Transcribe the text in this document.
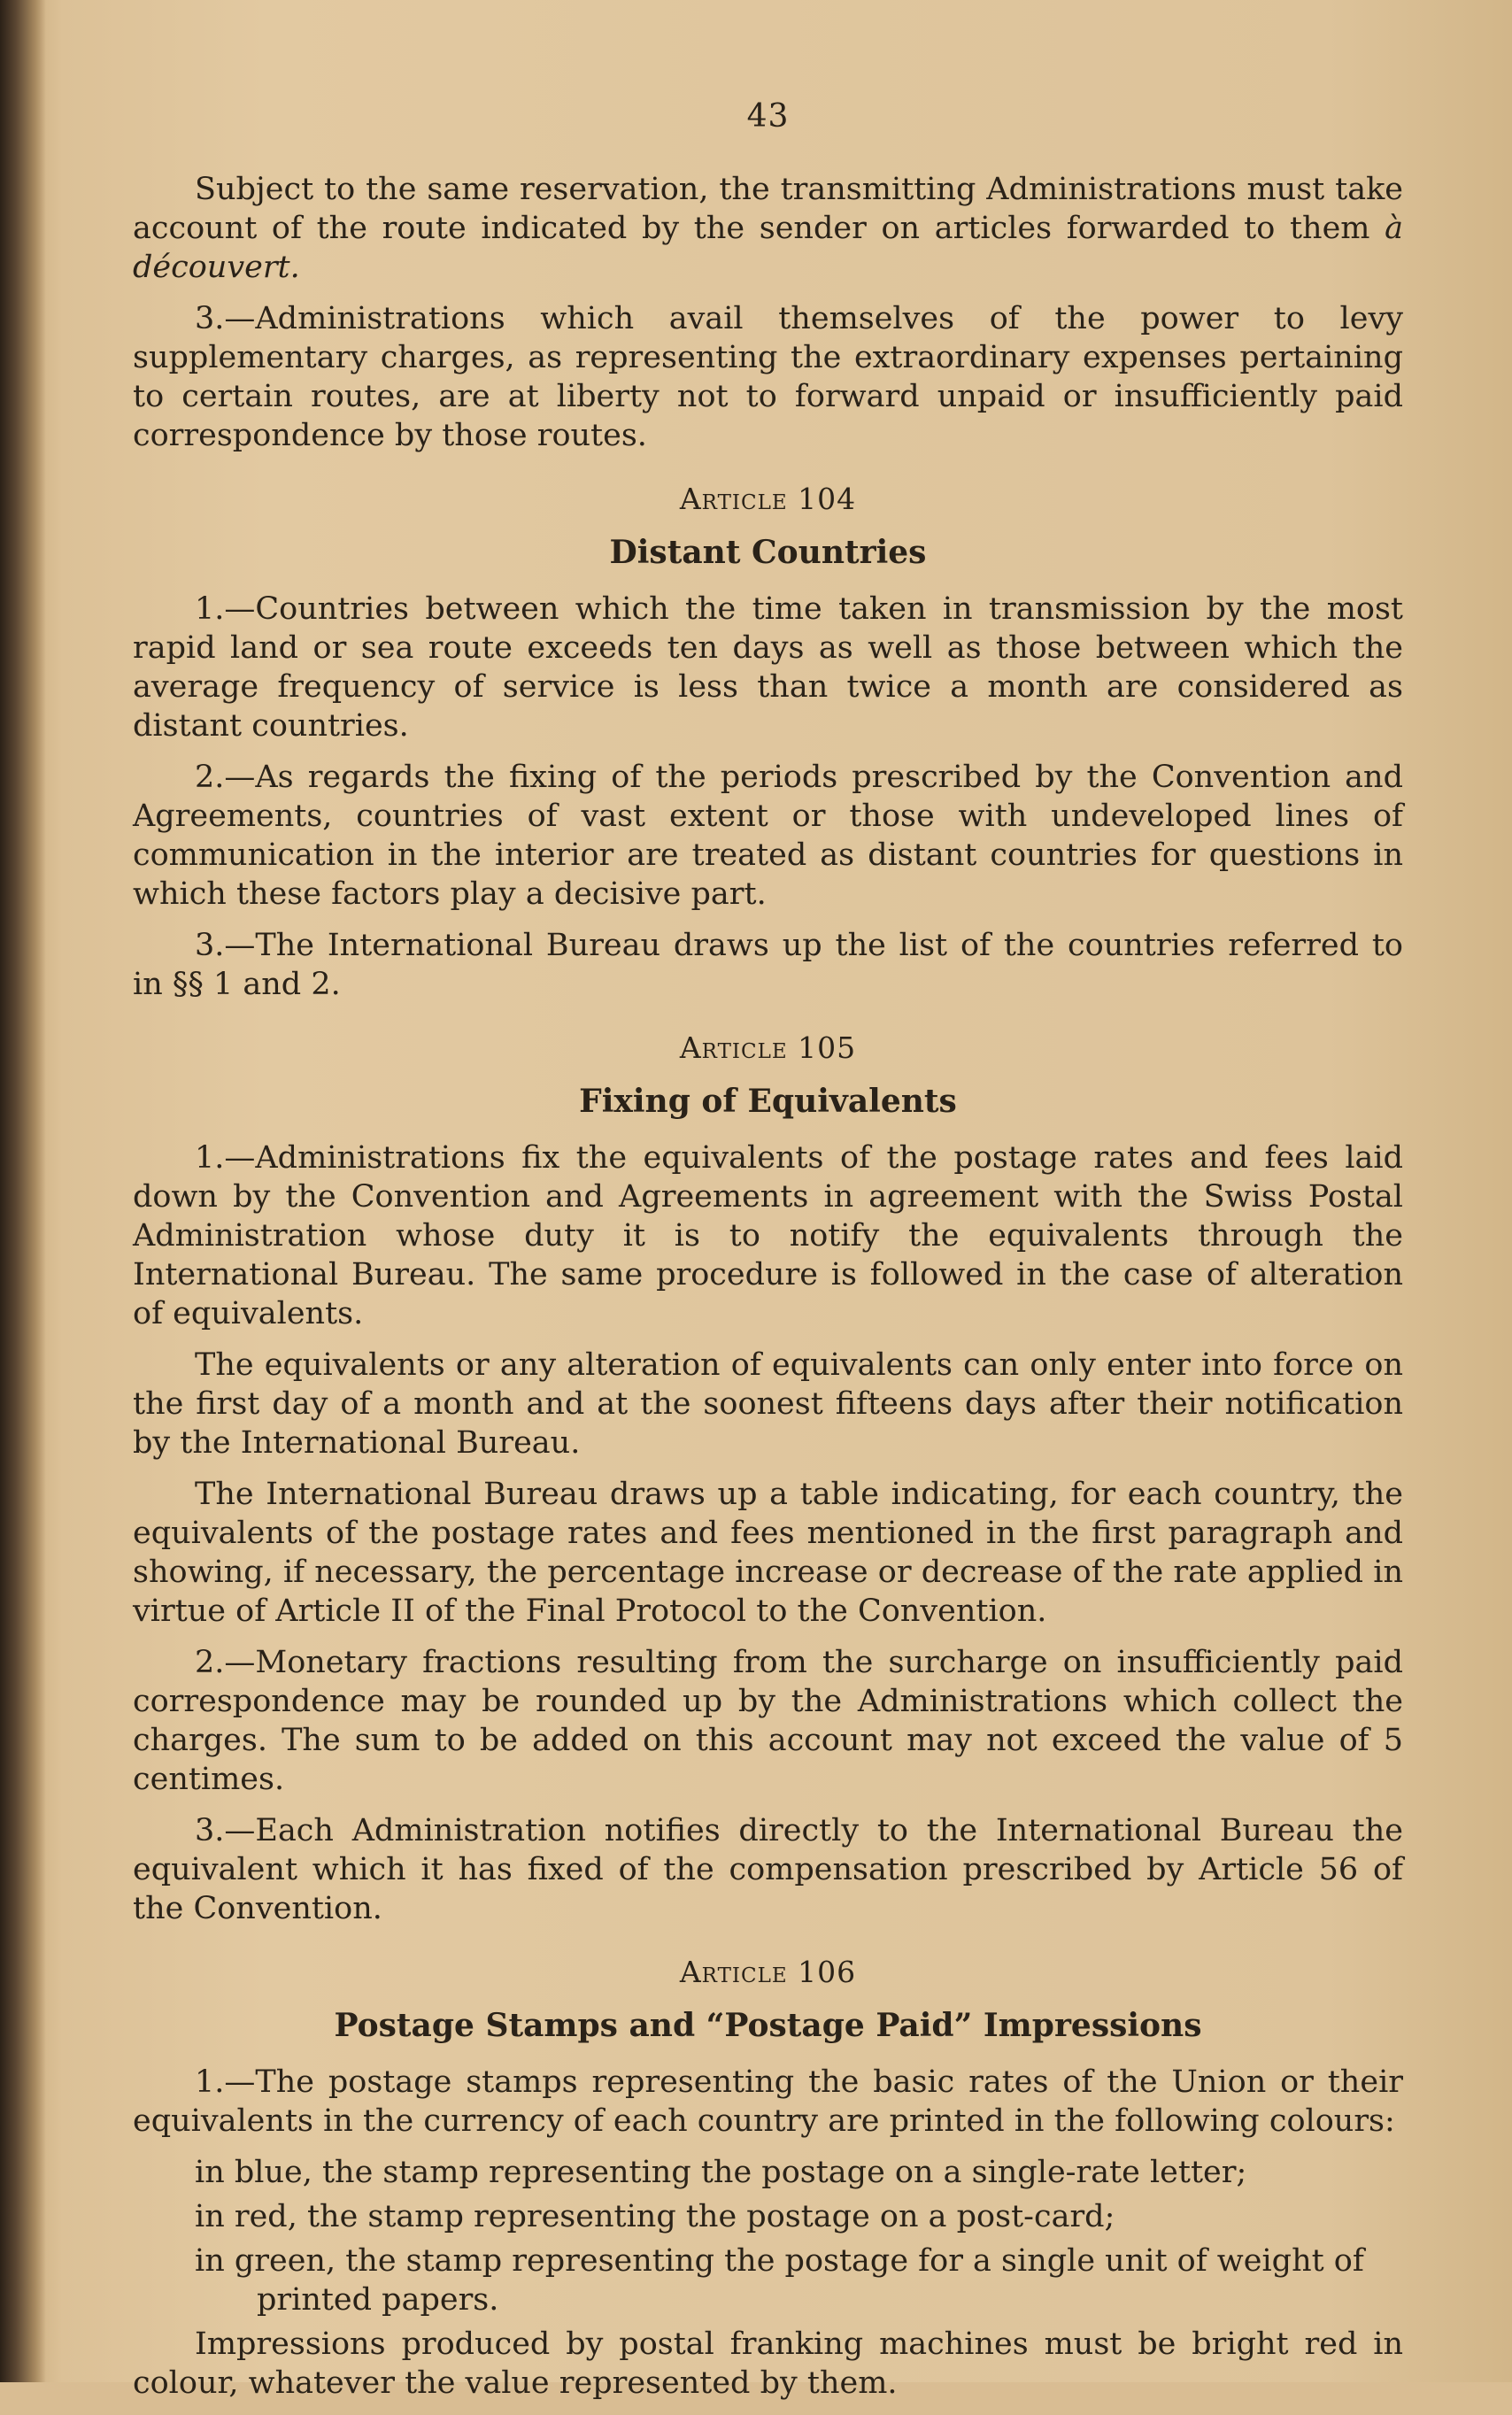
43

Subject to the same reservation, the transmitting Administrations must take account of the route indicated by the sender on articles forwarded to them à découvert.

3.—Administrations which avail themselves of the power to levy supplementary charges, as representing the extraordinary expenses pertaining to certain routes, are at liberty not to forward unpaid or insufficiently paid correspondence by those routes.

Article 104
Distant Countries

1.—Countries between which the time taken in transmission by the most rapid land or sea route exceeds ten days as well as those between which the average frequency of service is less than twice a month are considered as distant countries.

2.—As regards the fixing of the periods prescribed by the Convention and Agreements, countries of vast extent or those with undeveloped lines of communication in the interior are treated as distant countries for questions in which these factors play a decisive part.

3.—The International Bureau draws up the list of the countries referred to in §§ 1 and 2.

Article 105
Fixing of Equivalents

1.—Administrations fix the equivalents of the postage rates and fees laid down by the Convention and Agreements in agreement with the Swiss Postal Administration whose duty it is to notify the equivalents through the International Bureau. The same procedure is followed in the case of alteration of equivalents.

The equivalents or any alteration of equivalents can only enter into force on the first day of a month and at the soonest fifteens days after their notification by the International Bureau.

The International Bureau draws up a table indicating, for each country, the equivalents of the postage rates and fees mentioned in the first paragraph and showing, if necessary, the percentage increase or decrease of the rate applied in virtue of Article II of the Final Protocol to the Convention.

2.—Monetary fractions resulting from the surcharge on insufficiently paid correspondence may be rounded up by the Administrations which collect the charges. The sum to be added on this account may not exceed the value of 5 centimes.

3.—Each Administration notifies directly to the International Bureau the equivalent which it has fixed of the compensation prescribed by Article 56 of the Convention.

Article 106
Postage Stamps and “Postage Paid” Impressions

1.—The postage stamps representing the basic rates of the Union or their equivalents in the currency of each country are printed in the following colours:

in blue, the stamp representing the postage on a single-rate letter;
in red, the stamp representing the postage on a post-card;
in green, the stamp representing the postage for a single unit of weight of printed papers.

Impressions produced by postal franking machines must be bright red in colour, whatever the value represented by them.
